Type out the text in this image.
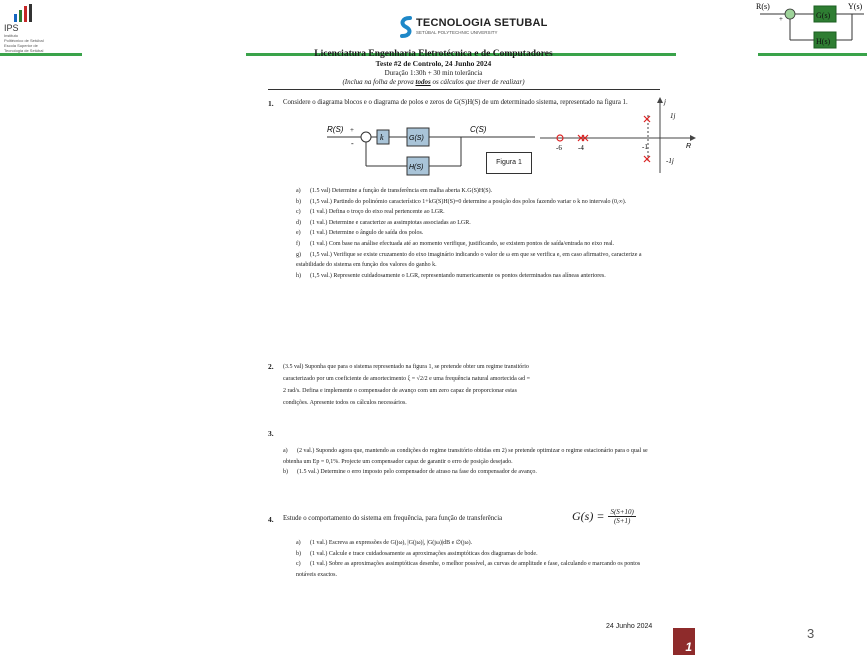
IPS
Instituto
Politécnico de Setúbal
Escola Superior de
Tecnologia de Setúbal
TECNOLOGIA SETUBAL
SETÚBAL POLYTECHNIC UNIVERSITY
R(s)	Y(s)
+	G(s)
H(s)
Licenciatura Engenharia Eletrotécnica e de Computadores
Teste #2 de Controlo, 24 Junho 2024
Duração 1:30h + 30 min tolerância
(Inclua na folha de prova todos os cálculos que tiver de realizar)
1. Considere o diagrama blocos e o diagrama de polos e zeros de G(S)H(S) de um determinado sistema, representado na figura 1.
R(S) +
-
k	G(S)
C(S)
H(S)
Figura 1
j
R
1j
-1j
-1
-6 -4
a) (1.5 val) Determine a função de transferência em malha aberta K.G(S)H(S).
b) (1,5 val.) Partindo do polinómio característico 1+kG(S)H(S)=0 determine a posição dos polos fazendo variar o k no intervalo (0,∞).
c) (1 val.) Defina o troço do eixo real pertencente ao LGR.
d) (1 val.) Determine e caracterize as assimptotas associadas ao LGR.
e) (1 val.) Determine o ângulo de saída dos polos.
f) (1 val.) Com base na análise efectuada até ao momento verifique, justificando, se existem pontos de saída/entrada no eixo real.
g) (1,5 val.) Verifique se existe cruzamento do eixo imaginário indicando o valor de ω em que se verifica e, em caso afirmativo, caracterize a estabilidade do sistema em função dos valores do ganho k.
h) (1,5 val.) Represente cuidadosamente o LGR, representando numericamente os pontos determinados nas alíneas anteriores.
2. (3.5 val) Suponha que para o sistema representado na figura 1, se pretende obter um regime transitório
caracterizado por um coeficiente de amortecimento ξ = √2/2 e uma frequência natural amortecida ωd =
2 rad/s. Defina e implemente o compensador de avanço com um zero capaz de proporcionar estas
condições. Apresente todos os cálculos necessários.
3.
a) (2 val.) Supondo agora que, mantendo as condições do regime transitório obtidas em 2) se pretende optimizar o regime estacionário para o qual se obtenha um Ep = 0,1%. Projecte um compensador capaz de garantir o erro de posição desejado.
b) (1.5 val.) Determine o erro imposto pelo compensador de atraso na fase do compensador de avanço.
4. Estude o comportamento do sistema em frequência, para função de transferência	$G(s) = \frac{S(S+10)}{(S+1)}$
a) (1 val.) Escreva as expressões de G(jω), |G(jω)|, |G(jω)|dB e ∅(jω).
b) (1 val.) Calcule e trace cuidadosamente as aproximações assimptóticas dos diagramas de bode.
c) (1 val.) Sobre as aproximações assimptóticas desenhe, o melhor possível, as curvas de amplitude e fase, calculando e marcando os pontos notáveis exactos.
24 Junho 2024
1
3
